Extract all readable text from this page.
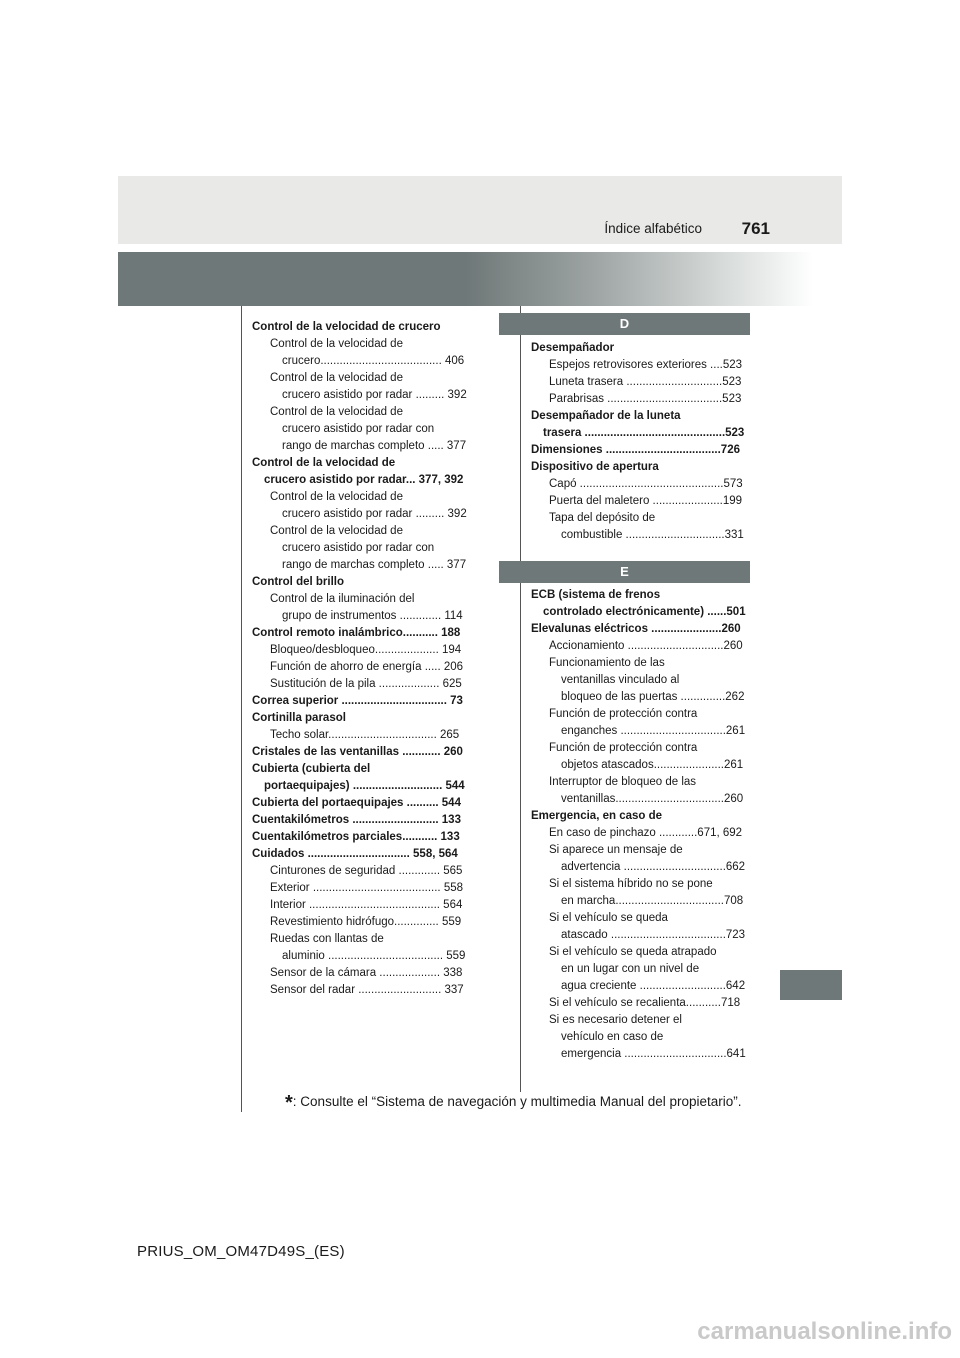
Índice alfabético 761
Control de la velocidad de crucero
Control de la velocidad de
crucero...................................... 406
Control de la velocidad de
crucero asistido por radar ......... 392
Control de la velocidad de
crucero asistido por radar con
rango de marchas completo ..... 377
Control de la velocidad de
crucero asistido por radar... 377, 392
Control de la velocidad de
crucero asistido por radar ......... 392
Control de la velocidad de
crucero asistido por radar con
rango de marchas completo ..... 377
Control del brillo
Control de la iluminación del
grupo de instrumentos ............. 114
Control remoto inalámbrico........... 188
Bloqueo/desbloqueo.................... 194
Función de ahorro de energía ..... 206
Sustitución de la pila ................... 625
Correa superior ................................. 73
Cortinilla parasol
Techo solar.................................. 265
Cristales de las ventanillas ............ 260
Cubierta (cubierta del
portaequipajes) ............................ 544
Cubierta del portaequipajes .......... 544
Cuentakilómetros ........................... 133
Cuentakilómetros parciales........... 133
Cuidados ................................ 558, 564
Cinturones de seguridad ............. 565
Exterior ........................................ 558
Interior ......................................... 564
Revestimiento hidrófugo.............. 559
Ruedas con llantas de
aluminio .................................... 559
Sensor de la cámara ................... 338
Sensor del radar .......................... 337
D
Desempañador
Espejos retrovisores exteriores ....523
Luneta trasera ..............................523
Parabrisas ....................................523
Desempañador de la luneta
trasera ............................................523
Dimensiones ....................................726
Dispositivo de apertura
Capó .............................................573
Puerta del maletero ......................199
Tapa del depósito de
combustible ...............................331
E
ECB (sistema de frenos
controlado electrónicamente) ......501
Elevalunas eléctricos ......................260
Accionamiento ..............................260
Funcionamiento de las
ventanillas vinculado al
bloqueo de las puertas ..............262
Función de protección contra
enganches .................................261
Función de protección contra
objetos atascados......................261
Interruptor de bloqueo de las
ventanillas..................................260
Emergencia, en caso de
En caso de pinchazo ............671, 692
Si aparece un mensaje de
advertencia ................................662
Si el sistema híbrido no se pone
en marcha..................................708
Si el vehículo se queda
atascado ....................................723
Si el vehículo se queda atrapado
en un lugar con un nivel de
agua creciente ...........................642
Si el vehículo se recalienta...........718
Si es necesario detener el
vehículo en caso de
emergencia ................................641
*: Consulte el “Sistema de navegación y multimedia Manual del propietario”.
PRIUS_OM_OM47D49S_(ES)
carmanualsonline.info
